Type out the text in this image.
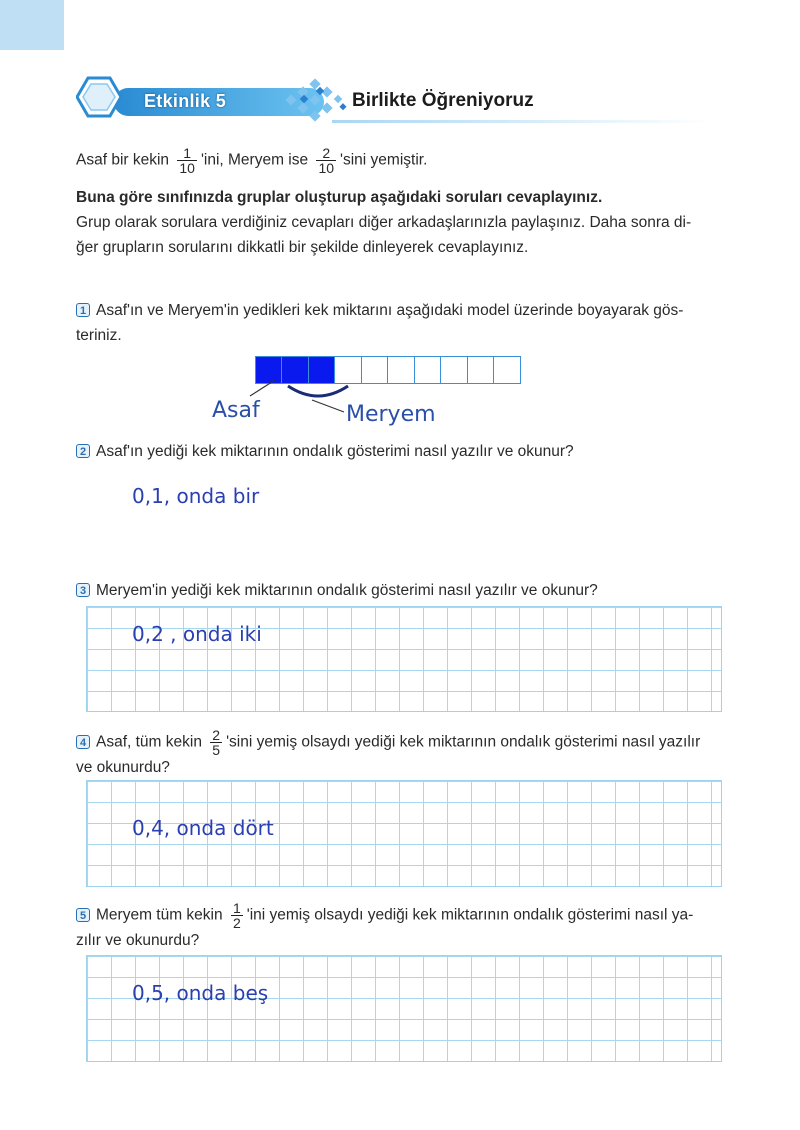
Etkinlik 5	Birlikte Öğreniyoruz
Asaf bir kekin $\frac{1}{10}$ 'ini, Meryem ise $\frac{2}{10}$ 'sini yemiştir.
Buna göre sınıfınızda gruplar oluşturup aşağıdaki soruları cevaplayınız.
Grup olarak sorulara verdiğiniz cevapları diğer arkadaşlarınızla paylaşınız. Daha sonra di-
ğer grupların sorularını dikkatli bir şekilde dinleyerek cevaplayınız.
1 Asaf'ın ve Meryem'in yedikleri kek miktarını aşağıdaki model üzerinde boyayarak gös-
teriniz.
Asaf	Meryem
2 Asaf'ın yediği kek miktarının ondalık gösterimi nasıl yazılır ve okunur?
0,1, onda bir
3 Meryem'in yediği kek miktarının ondalık gösterimi nasıl yazılır ve okunur?
0,2 , onda iki
4 Asaf, tüm kekin $\frac{2}{5}$ 'sini yemiş olsaydı yediği kek miktarının ondalık gösterimi nasıl yazılır
ve okunurdu?
0,4, onda dört
5 Meryem tüm kekin $\frac{1}{2}$ 'ini yemiş olsaydı yediği kek miktarının ondalık gösterimi nasıl ya-
zılır ve okunurdu?
0,5, onda beş
